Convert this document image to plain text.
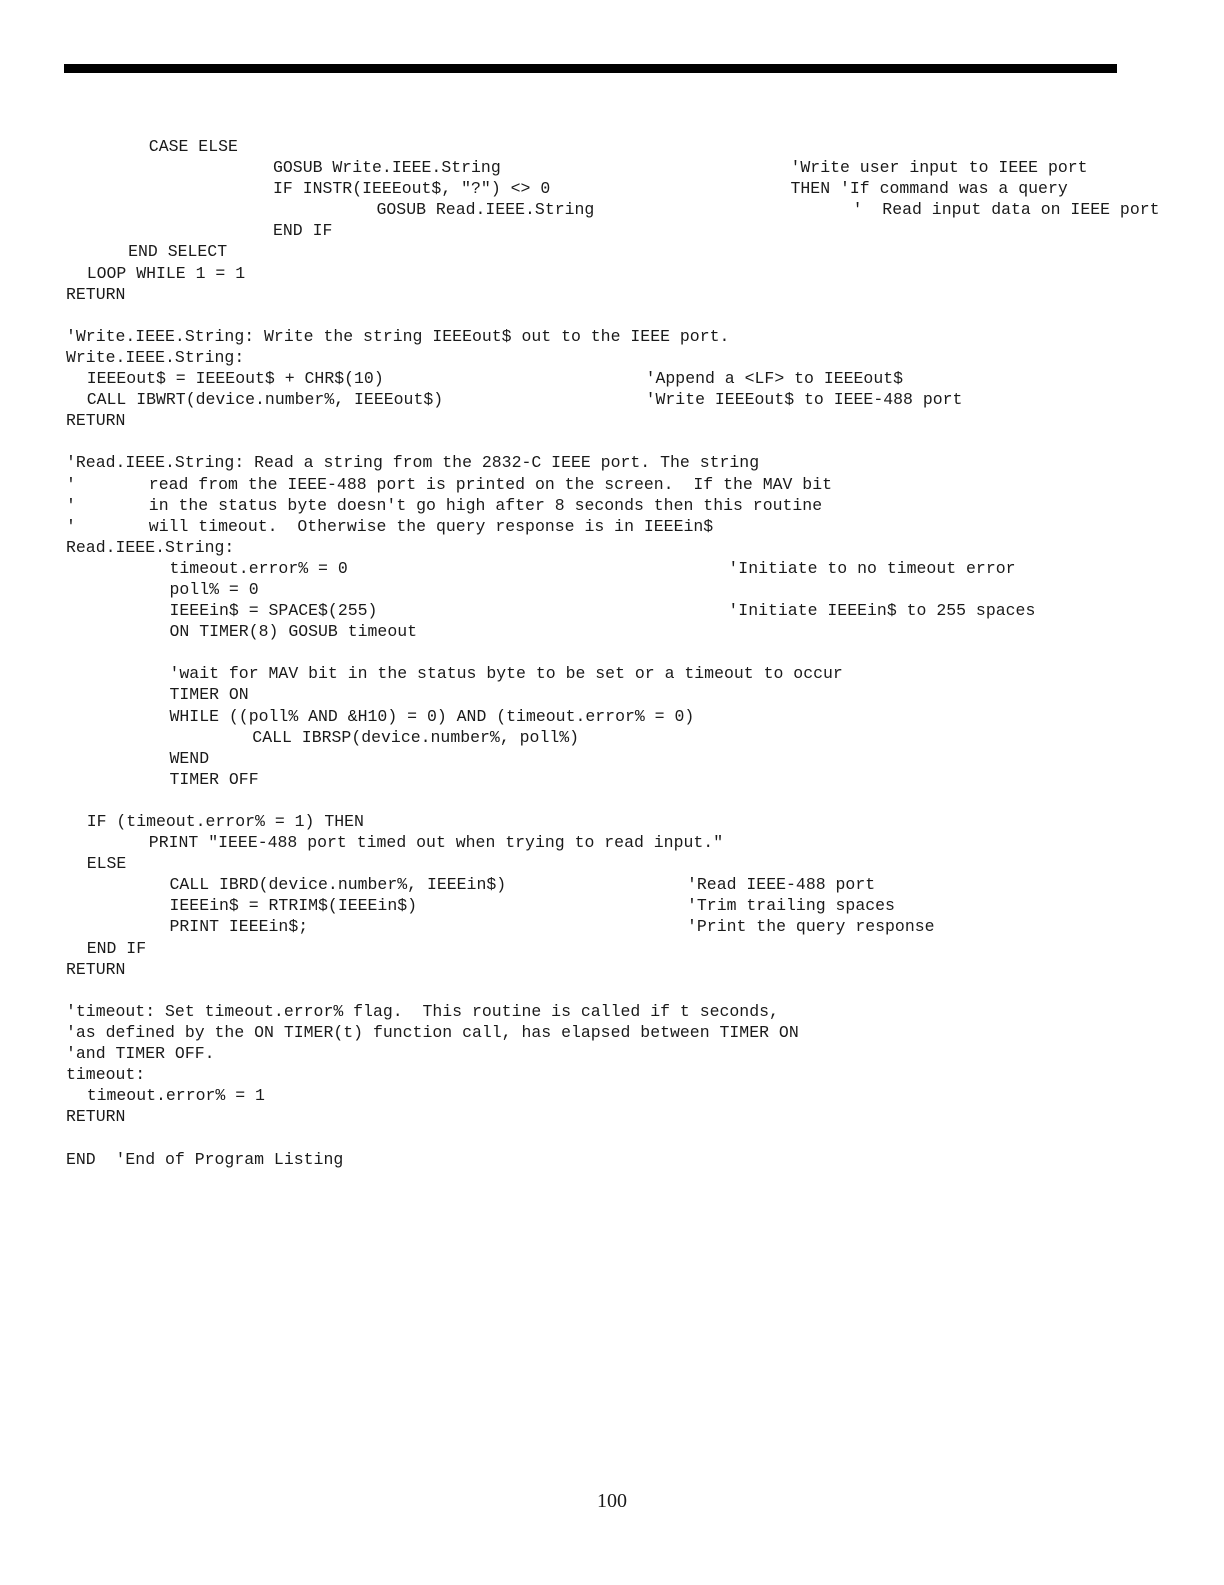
CASE ELSE
GOSUB Write.IEEE.String	'Write user input to IEEE port
IF INSTR(IEEEout$, "?") <> 0	THEN 'If command was a query
GOSUB Read.IEEE.String	'  Read input data on IEEE port
END IF
END SELECT
LOOP WHILE 1 = 1
RETURN
'Write.IEEE.String: Write the string IEEEout$ out to the IEEE port.
Write.IEEE.String:
IEEEout$ = IEEEout$ + CHR$(10)	'Append a <LF> to IEEEout$
CALL IBWRT(device.number%, IEEEout$)	'Write IEEEout$ to IEEE-488 port
RETURN
'Read.IEEE.String: Read a string from the 2832-C IEEE port. The string
'	read from the IEEE-488 port is printed on the screen.  If the MAV bit
'	in the status byte doesn't go high after 8 seconds then this routine
'	will timeout.  Otherwise the query response is in IEEEin$
Read.IEEE.String:
timeout.error% = 0	'Initiate to no timeout error
poll% = 0
IEEEin$ = SPACE$(255)	'Initiate IEEEin$ to 255 spaces
ON TIMER(8) GOSUB timeout
'wait for MAV bit in the status byte to be set or a timeout to occur
TIMER ON
WHILE ((poll% AND &H10) = 0) AND (timeout.error% = 0)
CALL IBRSP(device.number%, poll%)
WEND
TIMER OFF
IF (timeout.error% = 1) THEN
PRINT "IEEE-488 port timed out when trying to read input."
ELSE
CALL IBRD(device.number%, IEEEin$)	'Read IEEE-488 port
IEEEin$ = RTRIM$(IEEEin$)	'Trim trailing spaces
PRINT IEEEin$;	'Print the query response
END IF
RETURN
'timeout: Set timeout.error% flag.  This routine is called if t seconds,
'as defined by the ON TIMER(t) function call, has elapsed between TIMER ON
'and TIMER OFF.
timeout:
timeout.error% = 1
RETURN
END  'End of Program Listing
100
